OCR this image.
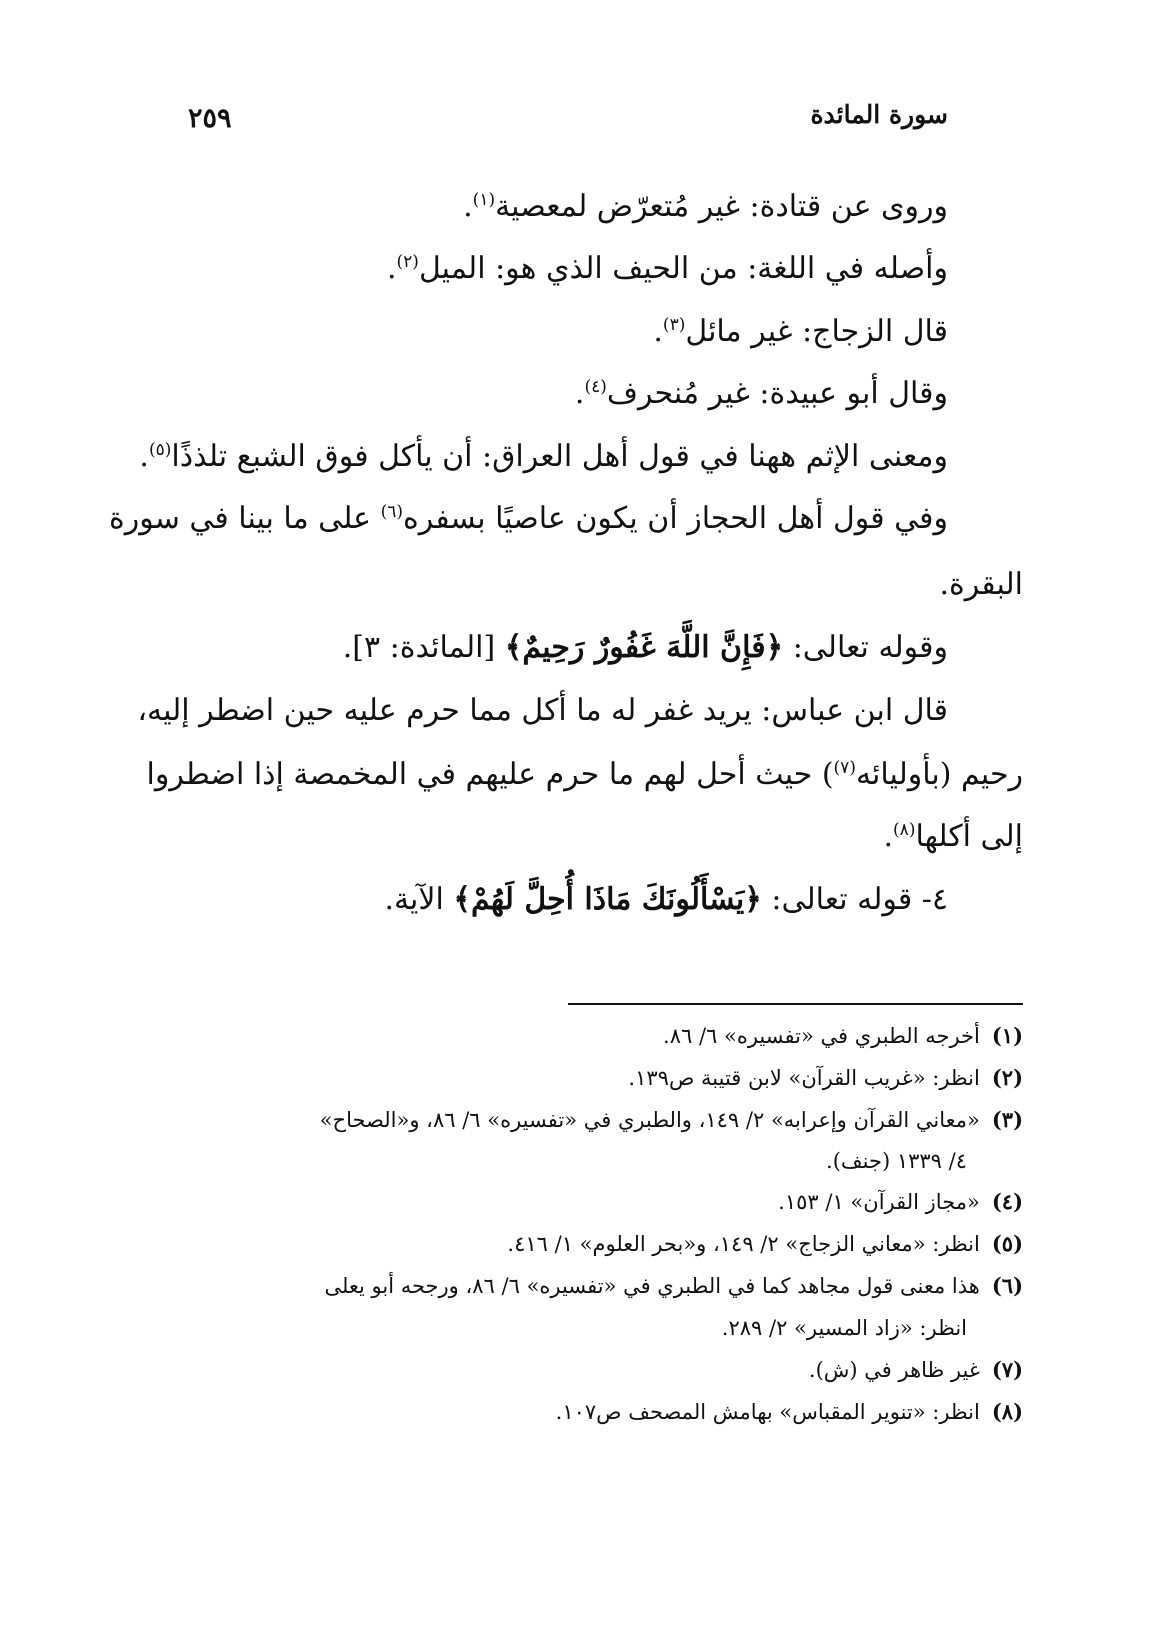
سورة المائدة
٢٥٩
وروى عن قتادة: غير مُتعرّض لمعصية$^{(١)}$.
وأصله في اللغة: من الحيف الذي هو: الميل$^{(٢)}$.
قال الزجاج: غير مائل$^{(٣)}$.
وقال أبو عبيدة: غير مُنحرف$^{(٤)}$.
ومعنى الإثم ههنا في قول أهل العراق: أن يأكل فوق الشبع تلذذًا$^{(٥)}$.
وفي قول أهل الحجاز أن يكون عاصيًا بسفره$^{(٦)}$ على ما بينا في سورة
البقرة.
وقوله تعالى: ﴿فَإِنَّ اللَّهَ غَفُورٌ رَحِيمٌ﴾ [المائدة: ٣].
قال ابن عباس: يريد غفر له ما أكل مما حرم عليه حين اضطر إليه،
رحيم (بأوليائه$^{(٧)}$) حيث أحل لهم ما حرم عليهم في المخمصة إذا اضطروا
إلى أكلها$^{(٨)}$.
٤- قوله تعالى: ﴿يَسْأَلُونَكَ مَاذَا أُحِلَّ لَهُمْ﴾ الآية.
(١)أخرجه الطبري في «تفسيره» ٦/ ٨٦.
(٢)انظر: «غريب القرآن» لابن قتيبة ص١٣٩.
(٣)«معاني القرآن وإعرابه» ٢/ ١٤٩، والطبري في «تفسيره» ٦/ ٨٦، و«الصحاح»
٤/ ١٣٣٩ (جنف).
(٤)«مجاز القرآن» ١/ ١٥٣.
(٥)انظر: «معاني الزجاج» ٢/ ١٤٩، و«بحر العلوم» ١/ ٤١٦.
(٦)هذا معنى قول مجاهد كما في الطبري في «تفسيره» ٦/ ٨٦، ورجحه أبو يعلى
انظر: «زاد المسير» ٢/ ٢٨٩.
(٧)غير ظاهر في (ش).
(٨)انظر: «تنوير المقباس» بهامش المصحف ص١٠٧.
